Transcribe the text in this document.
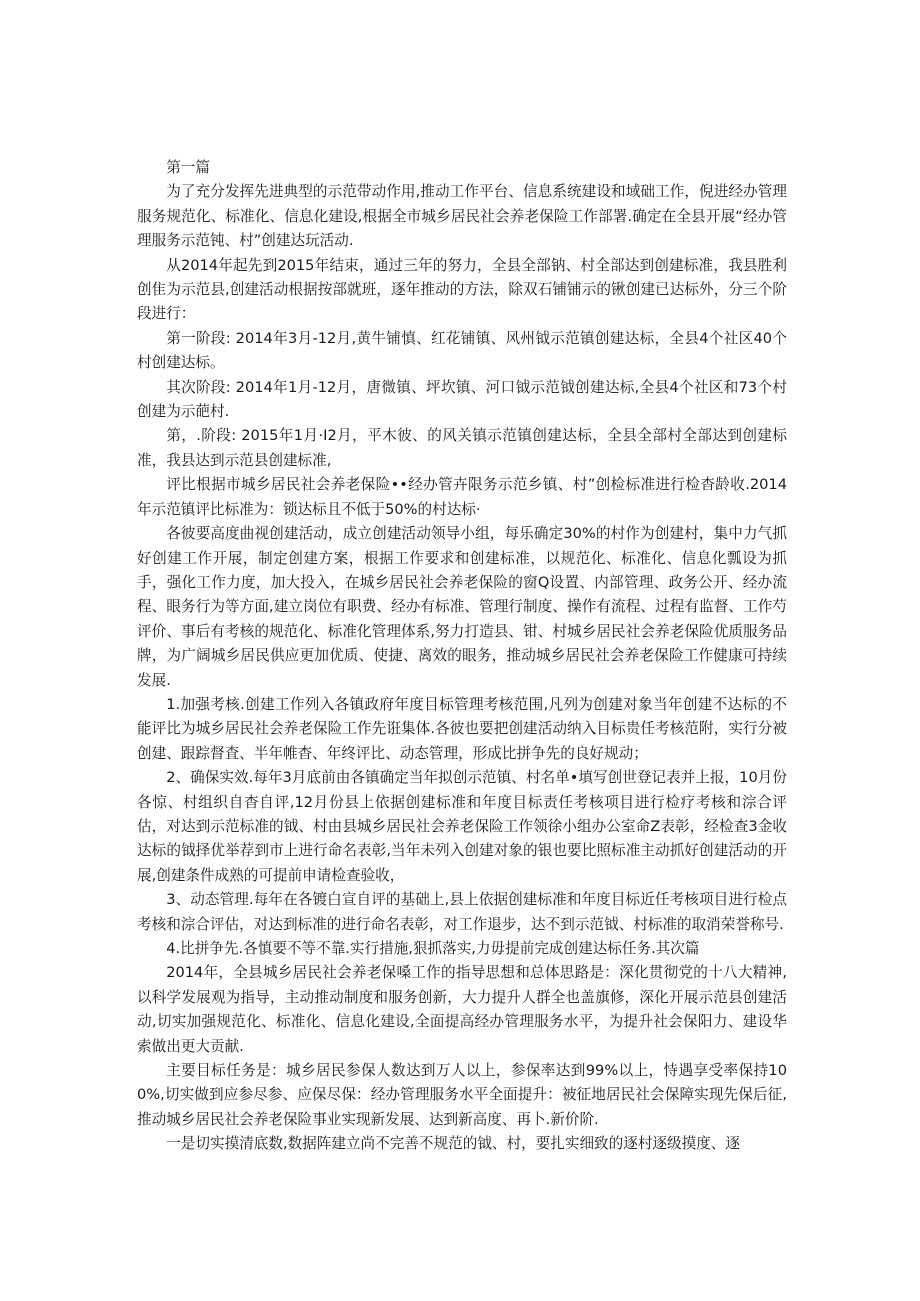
第一篇

为了充分发挥先进典型的示范带动作用,推动工作平台、信息系统建设和域础工作，倪进经办管理服务规范化、标准化、信息化建设,根据全市城乡居民社会养老保险工作部署.确定在全县开展“经办管理服务示范钝、村”创建达玩活动.

从2014年起先到2015年结束，通过三年的努力，全县全部钠、村全部达到创建标准，我县胜利创隹为示范县,创建活动根据按部就班，逐年推动的方法，除双石铺铺示的锹创建已达标外，分三个阶段进行：

第一阶段: 2014年3月-12月,黄牛铺慎、红花铺镇、风州钺示范镇创建达标，全县4个社区40个村创建达标。

其次阶段: 2014年1月-12月，唐微镇、坪坎镇、河口钺示范钺创建达标,全县4个社区和73个村创建为示葩村.

第，.阶段: 2015年1月·I2月，平木彼、的风关镇示范镇创建达标，全县全部村全部达到创建标准，我县达到示范县创建标准,

评比根据市城乡居民社会养老保险••经办管卉限务示范乡镇、村”创检标准进行检杳龄收.2014年示范镇评比标准为：锁达标且不低于50%的村达标·

各彼要高度曲视创建活动，成立创建活动领导小组，每乐确定30%的村作为创建村，集中力气抓好创建工作开展，制定创建方案，根据工作要求和创建标准，以规范化、标准化、信息化瓢设为抓手，强化工作力度，加大投入，在城乡居民社会养老保险的窗Q设置、内部管理、政务公开、经办流程、眼务行为等方面,建立岗位有职费、经办有标准、管理行制度、操作有流程、过程有监督、工作芍评价、事后有考核的规范化、标准化管理体系,努力打造县、钳、村城乡居民社会养老保险优质服务品牌，为广阔城乡居民供应更加优质、使捷、离效的眼务，推动城乡居民社会养老保险工作健康可持续发展.

1.加强考核.创建工作列入各镇政府年度目标管理考核范围,凡列为创建对象当年创建不达标的不能评比为城乡居民社会养老保险工作先诳集体.各彼也要把创建活动纳入目标贵任考核范附，实行分被创建、跟踪督査、半年帷杳、年终评比、动态管理，形成比拼争先的良好规动；

2、确保实效.每年3月底前由各镇确定当年拟创示范镇、村名单•填写创世登记表并上报，10月份各惊、村组织自杳自评,12月份县上依据创建标准和年度目标责任考核项目进行检疗考核和淙合评估，对达到示范标准的钺、村由县城乡居民社会养老保险工作领徐小组办公室命Z表彰，经检查3金收达标的钺择优举荐到市上进行命名表彰,当年未列入创建对象的银也要比照标准主动抓好创建活动的开展,创建条件成熟的可提前申请检查验收，

3、动态管理.每年在各镀白宣自评的基础上,县上依据创建标准和年度目标近任考核项目进行检点考核和淙合评估，对达到标准的进行命名表彰，对工作退步，达不到示范钺、村标准的取消荣誉称号.

4.比拼争先.各慎要不等不靠.实行措施,狠抓落实,力毋提前完成创建达标任务.其次篇

2014年，全县城乡居民社会养老保嗓工作的指导思想和总体思路是：深化贯彻党的十八大精神,以科学发展观为指导，主动推动制度和服务创新，大力提升人群全也盖旗修，深化开展示范县创建活动,切实加强规范化、标准化、信息化建设,全面提高经办管理服务水平，为提升社会保阳力、建设华索做出更大贡献.

主要目标任务是：城乡居民参保人数达到万人以上，参保率达到99%以上，恃遇享受率保持100%,切实做到应参尽参、应保尽保：经办管理服务水平全面提升：被征地居民社会保障实现先保后征,推动城乡居民社会养老保险事业实现新发展、达到新高度、再卜.新价阶.

一是切实摸清底数,数据阵建立尚不完善不规范的钺、村，要扎实细致的逐村逐级摸度、逐
